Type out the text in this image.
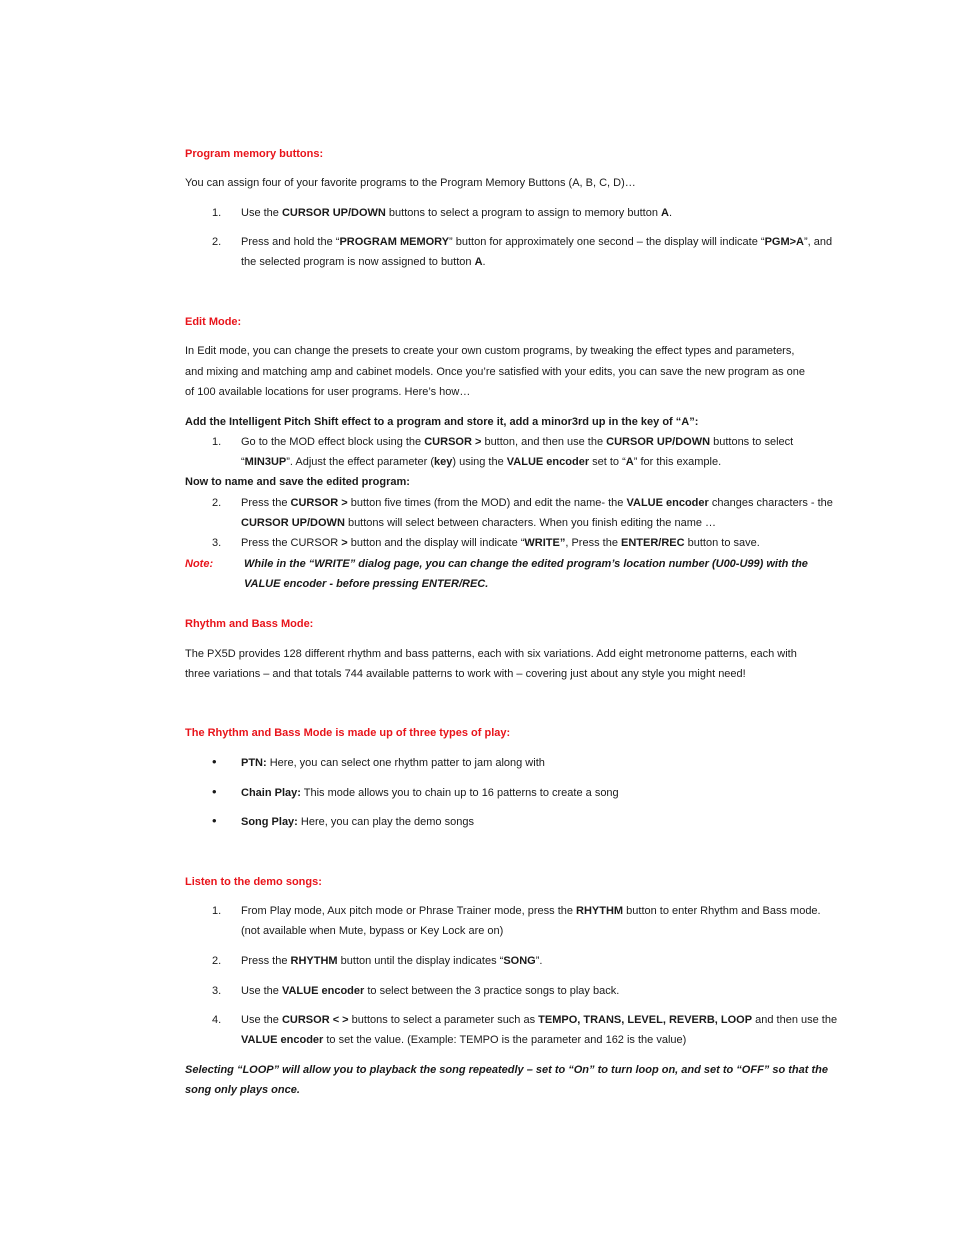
Program memory buttons:
You can assign four of your favorite programs to the Program Memory Buttons (A, B, C, D)…
1. Use the CURSOR UP/DOWN buttons to select a program to assign to memory button A.
2. Press and hold the “PROGRAM MEMORY” button for approximately one second – the display will indicate “PGM>A”, and the selected program is now assigned to button A.
Edit Mode:
In Edit mode, you can change the presets to create your own custom programs, by tweaking the effect types and parameters,
and mixing and matching amp and cabinet models. Once you’re satisfied with your edits, you can save the new program as one
of 100 available locations for user programs. Here’s how…
Add the Intelligent Pitch Shift effect to a program and store it, add a minor3rd up in the key of “A”:
1. Go to the MOD effect block using the CURSOR > button, and then use the CURSOR UP/DOWN buttons to select “MIN3UP”. Adjust the effect parameter (key) using the VALUE encoder set to “A” for this example.
Now to name and save the edited program:
2. Press the CURSOR > button five times (from the MOD) and edit the name- the VALUE encoder changes characters - the CURSOR UP/DOWN buttons will select between characters. When you finish editing the name …
3. Press the CURSOR > button and the display will indicate “WRITE”, Press the ENTER/REC button to save.
Note:	While in the “WRITE” dialog page, you can change the edited program’s location number (U00-U99) with the VALUE encoder - before pressing ENTER/REC.
Rhythm and Bass Mode:
The PX5D provides 128 different rhythm and bass patterns, each with six variations. Add eight metronome patterns, each with
three variations – and that totals 744 available patterns to work with – covering just about any style you might need!
The Rhythm and Bass Mode is made up of three types of play:
• PTN: Here, you can select one rhythm patter to jam along with
• Chain Play: This mode allows you to chain up to 16 patterns to create a song
• Song Play: Here, you can play the demo songs
Listen to the demo songs:
1. From Play mode, Aux pitch mode or Phrase Trainer mode, press the RHYTHM button to enter Rhythm and Bass mode. (not available when Mute, bypass or Key Lock are on)
2. Press the RHYTHM button until the display indicates “SONG”.
3. Use the VALUE encoder to select between the 3 practice songs to play back.
4. Use the CURSOR < > buttons to select a parameter such as TEMPO, TRANS, LEVEL, REVERB, LOOP and then use the VALUE encoder to set the value. (Example: TEMPO is the parameter and 162 is the value)
Selecting “LOOP” will allow you to playback the song repeatedly – set to “On” to turn loop on, and set to “OFF” so that the song only plays once.
